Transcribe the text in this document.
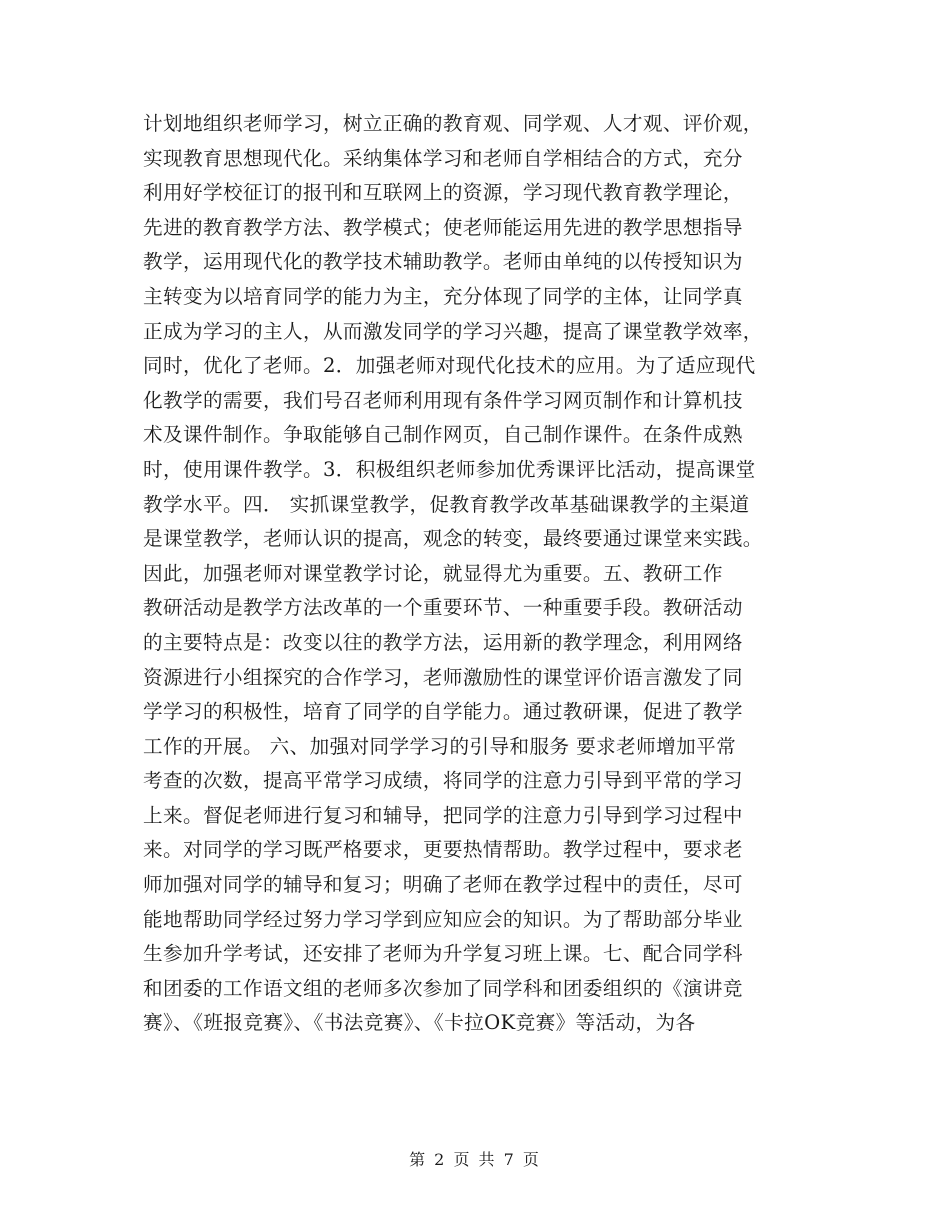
计划地组织老师学习，树立正确的教育观、同学观、人才观、评价观，
实现教育思想现代化。采纳集体学习和老师自学相结合的方式，充分
利用好学校征订的报刊和互联网上的资源，学习现代教育教学理论，
先进的教育教学方法、教学模式；使老师能运用先进的教学思想指导
教学，运用现代化的教学技术辅助教学。老师由单纯的以传授知识为
主转变为以培育同学的能力为主，充分体现了同学的主体，让同学真
正成为学习的主人，从而激发同学的学习兴趣，提高了课堂教学效率，
同时，优化了老师。2．加强老师对现代化技术的应用。为了适应现代
化教学的需要，我们号召老师利用现有条件学习网页制作和计算机技
术及课件制作。争取能够自己制作网页，自己制作课件。在条件成熟
时，使用课件教学。3．积极组织老师参加优秀课评比活动，提高课堂
教学水平。四． 实抓课堂教学，促教育教学改革基础课教学的主渠道
是课堂教学，老师认识的提高，观念的转变，最终要通过课堂来实践。
因此，加强老师对课堂教学讨论，就显得尤为重要。五、教研工作
教研活动是教学方法改革的一个重要环节、一种重要手段。教研活动
的主要特点是：改变以往的教学方法，运用新的教学理念，利用网络
资源进行小组探究的合作学习，老师激励性的课堂评价语言激发了同
学学习的积极性，培育了同学的自学能力。通过教研课，促进了教学
工作的开展。 六、加强对同学学习的引导和服务 要求老师增加平常
考查的次数，提高平常学习成绩，将同学的注意力引导到平常的学习
上来。督促老师进行复习和辅导，把同学的注意力引导到学习过程中
来。对同学的学习既严格要求，更要热情帮助。教学过程中，要求老
师加强对同学的辅导和复习；明确了老师在教学过程中的责任，尽可
能地帮助同学经过努力学习学到应知应会的知识。为了帮助部分毕业
生参加升学考试，还安排了老师为升学复习班上课。七、配合同学科
和团委的工作语文组的老师多次参加了同学科和团委组织的《演讲竞
赛》、《班报竞赛》、《书法竞赛》、《卡拉OK竞赛》等活动，为各
第 2 页 共 7 页
